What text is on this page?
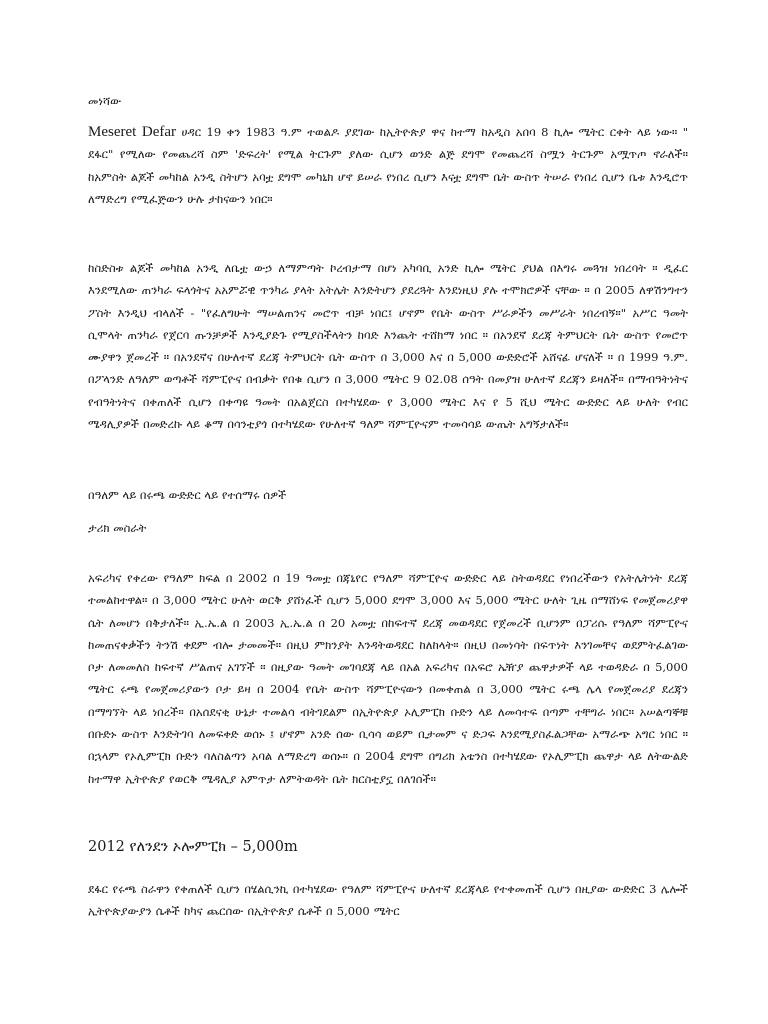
መነሻው
Meseret Defar ሀዳር 19 ቀን 1983 ዓ.ም ተወልዶ ያደገው ከኢትዮጵያ ዋና ከተማ ከአዲስ አበባ 8 ኪሎ ሜትር ርቀት ላይ ነው። " ደፋር" የሚለው የመጨረሻ ስም 'ድፍረት' የሚል ትርጉም ያለው ሲሆን ወንድ ልጅ ደግሞ የመጨረሻ ስሟን ትርጉም አሟጥጦ ኖራለች። ከአምስት ልጆች መካከል አንዲ ስትሆን አባቷ ደግሞ መካኒክ ሆኖ ይሠራ የነበረ ሲሆን እናቷ ደግሞ ቤት ውስጥ ትሠራ የነበረ ሲሆን ቤቱ እንዲሮጥ ለማድረግ የሚፈጅውን ሁሉ ታከናውን ነበር።
ከስድስቱ ልጆች መካከል አንዲ ለቤቷ ውኃ ለማምጣት ኮረብታማ በሆነ አካባቢ አንድ ኪሎ ሜትር ያህል በእግሩ መጓዝ ነበረባት ። ዲፈር እንደሚለው ጠንካራ ፍላጎትና አአምሯዊ ጥንካሬ ያላት አትሌት እንድትሆን ያደረጓት እንደነዚህ ያሉ ተሞክሮዎች ናቸው ። በ 2005 ለዋሽንግተን ፖስት እንዲህ ብላለች - "የፈለግሁት ማሠልጠንና መሮጥ ብቻ ነበር፤ ሆኖም የቤት ውስጥ ሥራዎችን መሥራት ነበረብኝ።" አሥር ዓመት ሲሞላት ጠንካራ የጀርባ ጡንቻዎች እንዲያድጉ የሚያስችላትን ከባድ እንጨት ተሸክማ ነበር ። በአንደኛ ደረጃ ትምህርት ቤት ውስጥ የመሮጥ ሙያዋን ጀመረች ። በአንደኛና በሁለተኛ ደረጃ ትምህርት ቤት ውስጥ በ 3,000 እና በ 5,000 ውድድሮች አሸናፊ ሆናለች ። በ 1999 ዓ.ም. በፖላንድ ለዓለም ወጣቶች ሻምፒዮና በብቃት የበቁ ሲሆን በ 3,000 ሜትር 9 02.08 ሰዓት በመያዝ ሁለተኛ ደረጃን ይዛለች። በማብዓትነትና የብዓትነትና በቀጠለች ሲሆን በቀጣዩ ዓመት በአልጀርስ በተካሄደው የ 3,000 ሜትር እና የ 5 ሺህ ሜትር ውድድር ላይ ሁለት የብር ሜዳሊያዎች በመድረኩ ላይ ቆማ በሳንቲያጎ በተካሄደው የሁለተኛ ዓለም ሻምፒዮናም ተመሳሳይ ውጤት አግኝታለች።
በዓለም ላይ በሩጫ ውድድር ላይ የተሰማሩ ሰዎች
ታሪክ መስራት
አፍሪካና የቀረው የዓለም ክፍል በ 2002 በ 19 ዓመቷ በጃኒየር የዓለም ሻምፒዮና ውድድር ላይ ስትወዳደር የነበረችውን የአትሌትነት ደረጃ ተመልከተዋል። በ 3,000 ሜትር ሁለት ወርቅ ያሸነፈች ሲሆን 5,000 ደግሞ 3,000 እና 5,000 ሜትር ሁለት ጊዜ በማሸነፍ የመጀመሪያዋ ሴት ለመሆን በቅታለች። ኢ.ኤ.ል በ 2003 ኢ.ኤ.ል በ 20 አመቷ በከፍተኛ ደረጃ መወዳደር የጀመረች ቢሆንም በፓሪሱ የዓለም ሻምፒዮና ከመጠናቀቃችን ትንሽ ቀደም ብሎ ታመመች። በዚህ ምክንያት እንዳትወዳደር ከለከላት። በዚህ በመነሳት በፍጥነት እንገመቸና ወደምትፈልገው ቦታ ለመመለስ ከፍተኛ ሥልጠና አገኘች ። በዚያው ዓመት መገባደጃ ላይ በአል አፍሪካና በአፍሮ ኤዥያ ጨዋታዎች ላይ ተወዳድራ በ 5,000 ሜትር ሩጫ የመጀመሪያውን ቦታ ይዛ በ 2004 የቤት ውስጥ ሻምፒዮናውን በመቀጠል በ 3,000 ሜትር ሩጫ ሌላ የመጀመሪያ ደረጃን በማግኘት ላይ ነበረች። በአሰደናቂ ሁኔታ ተመልሳ ብትገደልም በኢትዮጵያ ኦሊምፒክ ቡድን ላይ ለመሳተፍ በጣም ተቸግራ ነበር። አሠልጣኞቹ በቡድኑ ውስጥ እንድትገባ ለመፍቀድ ወሰኑ ፤ ሆኖም አንድ ሰው ቢሳሳ ወይም ቢታመም ና ድጋፍ እንደሚያስፈልጋቸው አማራጭ አግር ነበር ። በኋላም የኦሊምፒክ ቡድን ባለስልጣን አባል ለማድረግ ወሰኑ። በ 2004 ደግሞ በግሪክ አቴንስ በተካሄደው የኦሊምፒክ ጨዋታ ላይ ለትውልድ ከተማዋ ኢትዮጵያ የወርቅ ሜዳሊያ አምጥታ ለምትወዳት ቤት ክርስቲያኗ በለገሰች።
2012 የለንደን ኦሎምፒክ – 5,000m
ደፋር የሩጫ ስራዋን የቀጠለች ሲሆን በሄልሲንኪ በተካሄደው የዓለም ሻምፒዮና ሁለተኛ ደረጃላይ የተቀመጠች ሲሆን በዚያው ውድድር 3 ሌሎች ኢትዮጵያውያን ሴቶች ከካና ጨርሰው በኢትዮጵያ ሴቶች በ 5,000 ሜትር
